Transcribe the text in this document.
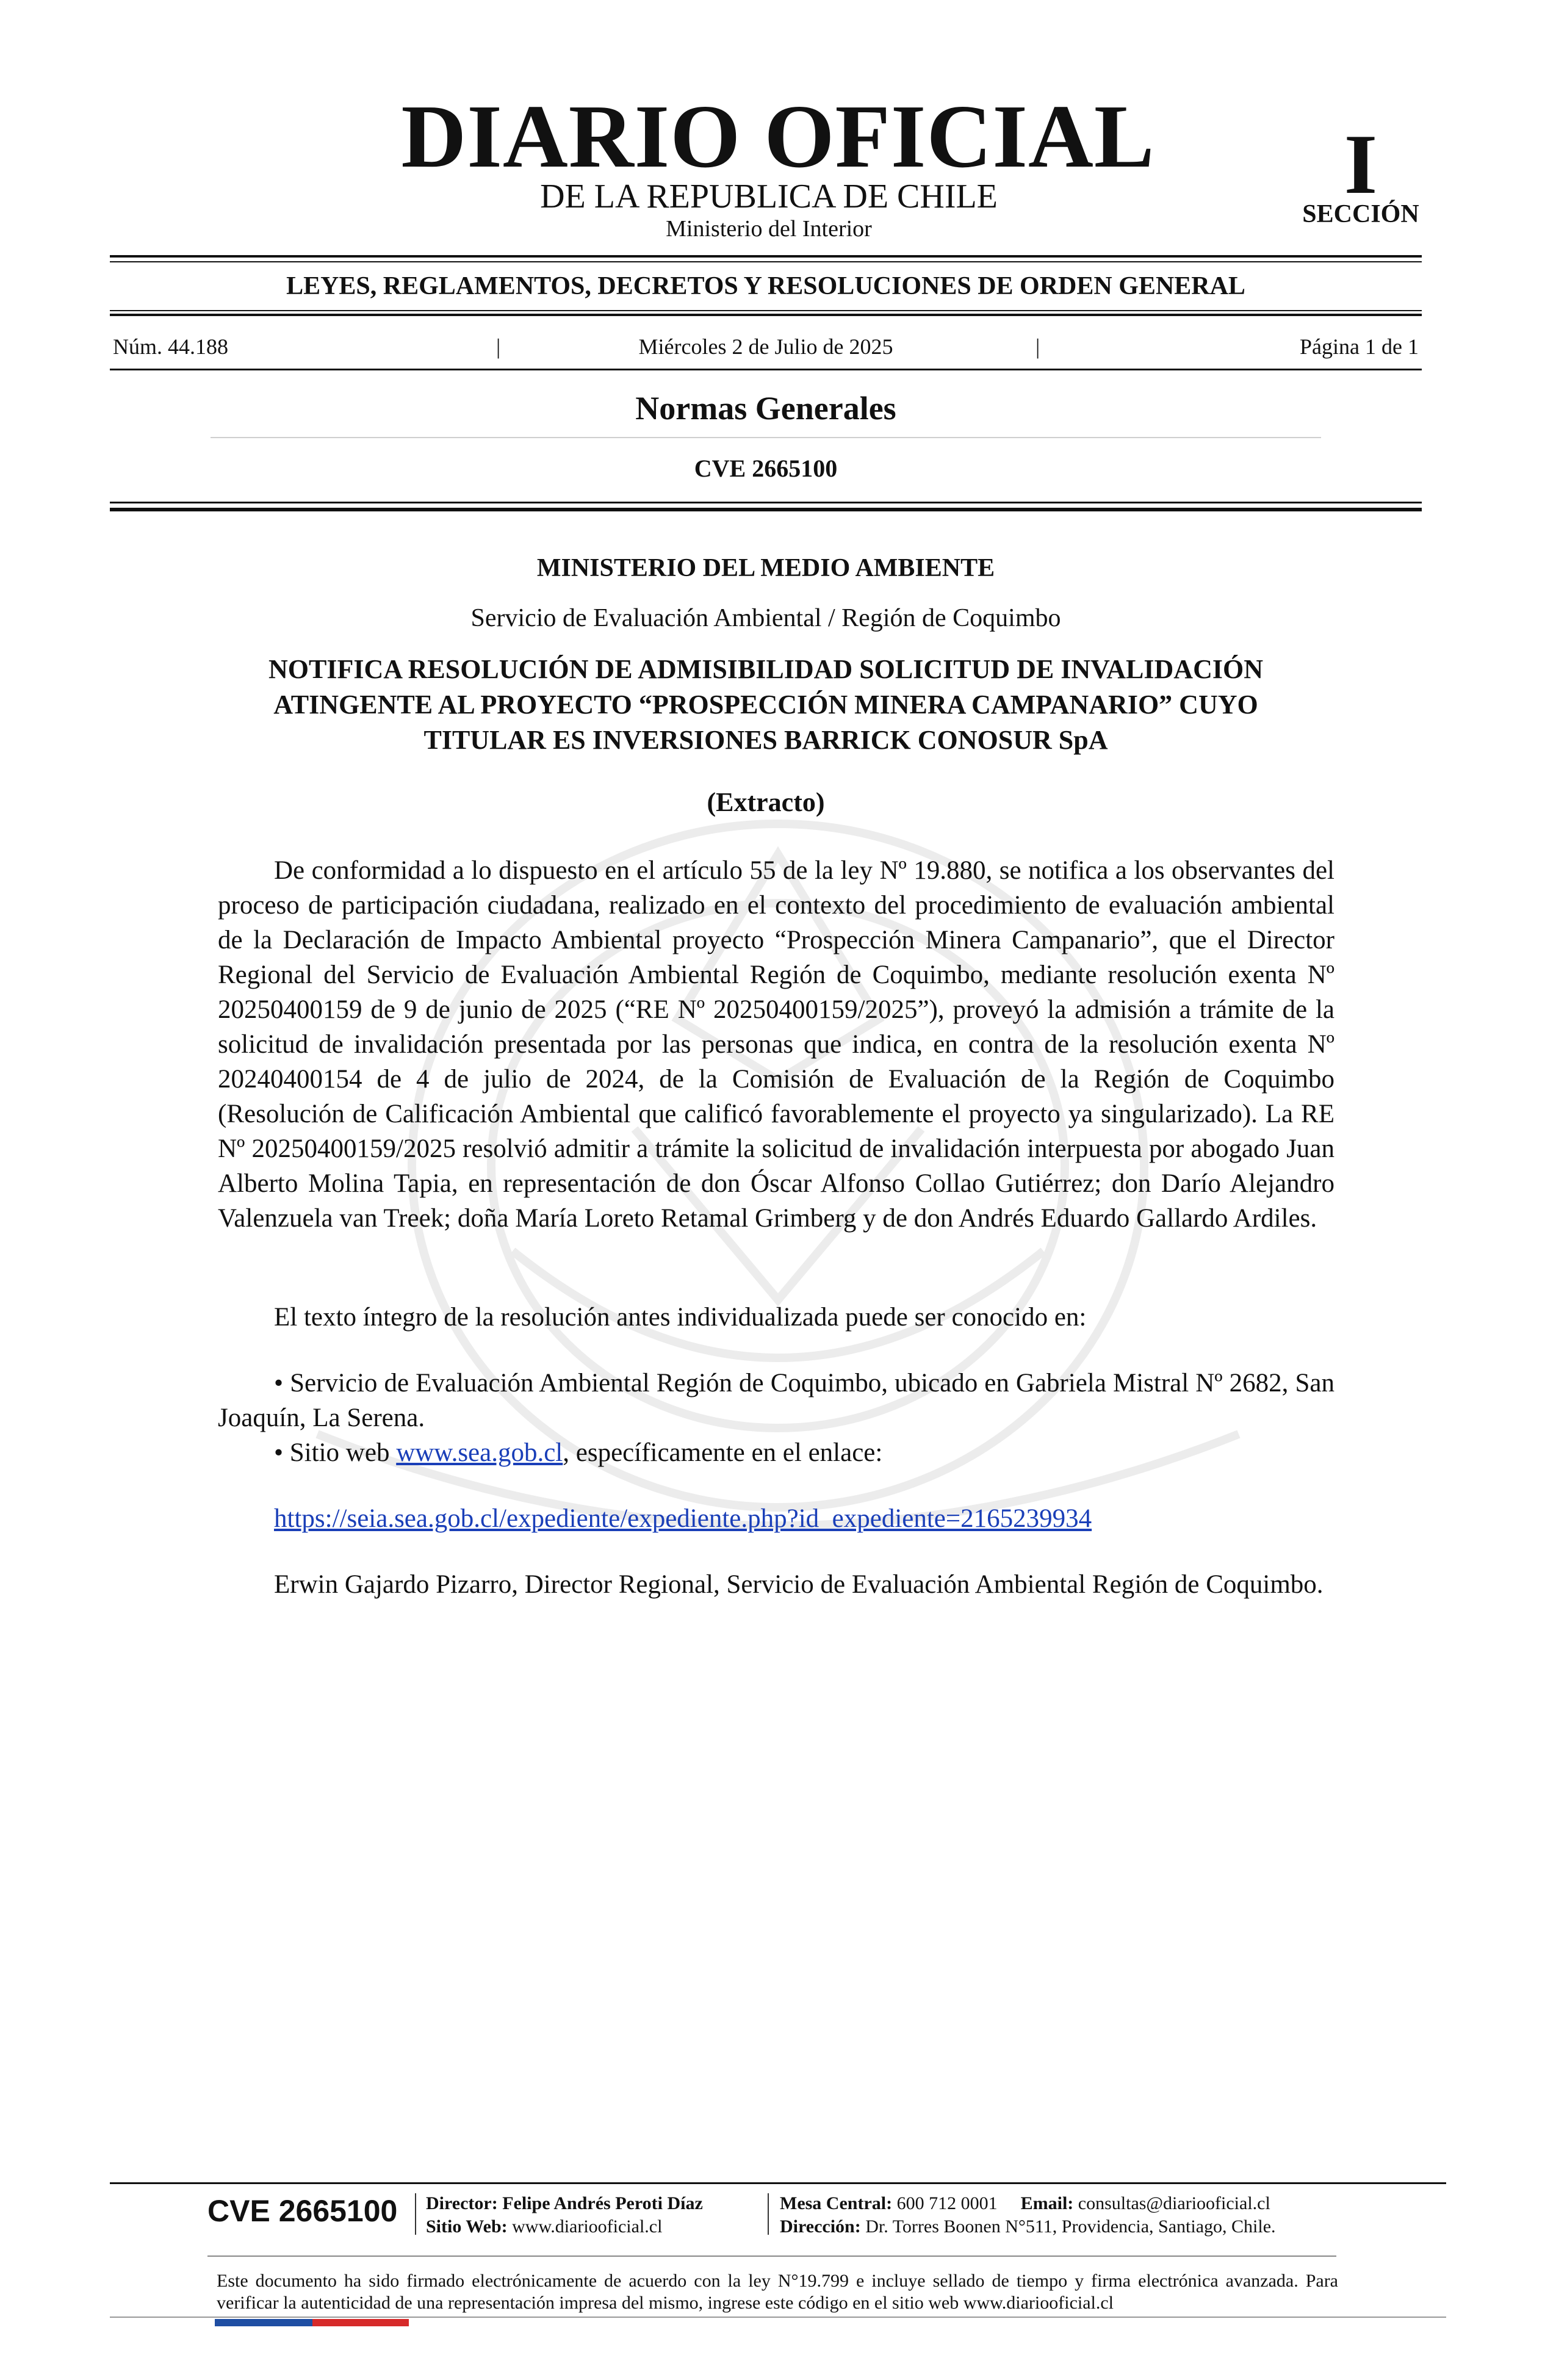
DIARIO OFICIAL
DE LA REPUBLICA DE CHILE
Ministerio del Interior
I
SECCIÓN
LEYES, REGLAMENTOS, DECRETOS Y RESOLUCIONES DE ORDEN GENERAL
Núm. 44.188	|	Miércoles 2 de Julio de 2025	|	Página 1 de 1
Normas Generales
CVE 2665100
MINISTERIO DEL MEDIO AMBIENTE
Servicio de Evaluación Ambiental / Región de Coquimbo
NOTIFICA RESOLUCIÓN DE ADMISIBILIDAD SOLICITUD DE INVALIDACIÓN ATINGENTE AL PROYECTO “PROSPECCIÓN MINERA CAMPANARIO” CUYO TITULAR ES INVERSIONES BARRICK CONOSUR SpA
(Extracto)
De conformidad a lo dispuesto en el artículo 55 de la ley Nº 19.880, se notifica a los observantes del proceso de participación ciudadana, realizado en el contexto del procedimiento de evaluación ambiental de la Declaración de Impacto Ambiental proyecto “Prospección Minera Campanario”, que el Director Regional del Servicio de Evaluación Ambiental Región de Coquimbo, mediante resolución exenta Nº 20250400159 de 9 de junio de 2025 (“RE Nº 20250400159/2025”), proveyó la admisión a trámite de la solicitud de invalidación presentada por las personas que indica, en contra de la resolución exenta Nº 20240400154 de 4 de julio de 2024, de la Comisión de Evaluación de la Región de Coquimbo (Resolución de Calificación Ambiental que calificó favorablemente el proyecto ya singularizado). La RE Nº 20250400159/2025 resolvió admitir a trámite la solicitud de invalidación interpuesta por abogado Juan Alberto Molina Tapia, en representación de don Óscar Alfonso Collao Gutiérrez; don Darío Alejandro Valenzuela van Treek; doña María Loreto Retamal Grimberg y de don Andrés Eduardo Gallardo Ardiles.
El texto íntegro de la resolución antes individualizada puede ser conocido en:
• Servicio de Evaluación Ambiental Región de Coquimbo, ubicado en Gabriela Mistral Nº 2682, San Joaquín, La Serena.
• Sitio web www.sea.gob.cl, específicamente en el enlace:
https://seia.sea.gob.cl/expediente/expediente.php?id_expediente=2165239934
Erwin Gajardo Pizarro, Director Regional, Servicio de Evaluación Ambiental Región de Coquimbo.
CVE 2665100 Director: Felipe Andrés Peroti Díaz
Sitio Web: www.diariooficial.cl
Mesa Central: 600 712 0001 Email: consultas@diariooficial.cl
Dirección: Dr. Torres Boonen N°511, Providencia, Santiago, Chile.
Este documento ha sido firmado electrónicamente de acuerdo con la ley N°19.799 e incluye sellado de tiempo y firma electrónica avanzada. Para verificar la autenticidad de una representación impresa del mismo, ingrese este código en el sitio web www.diariooficial.cl
